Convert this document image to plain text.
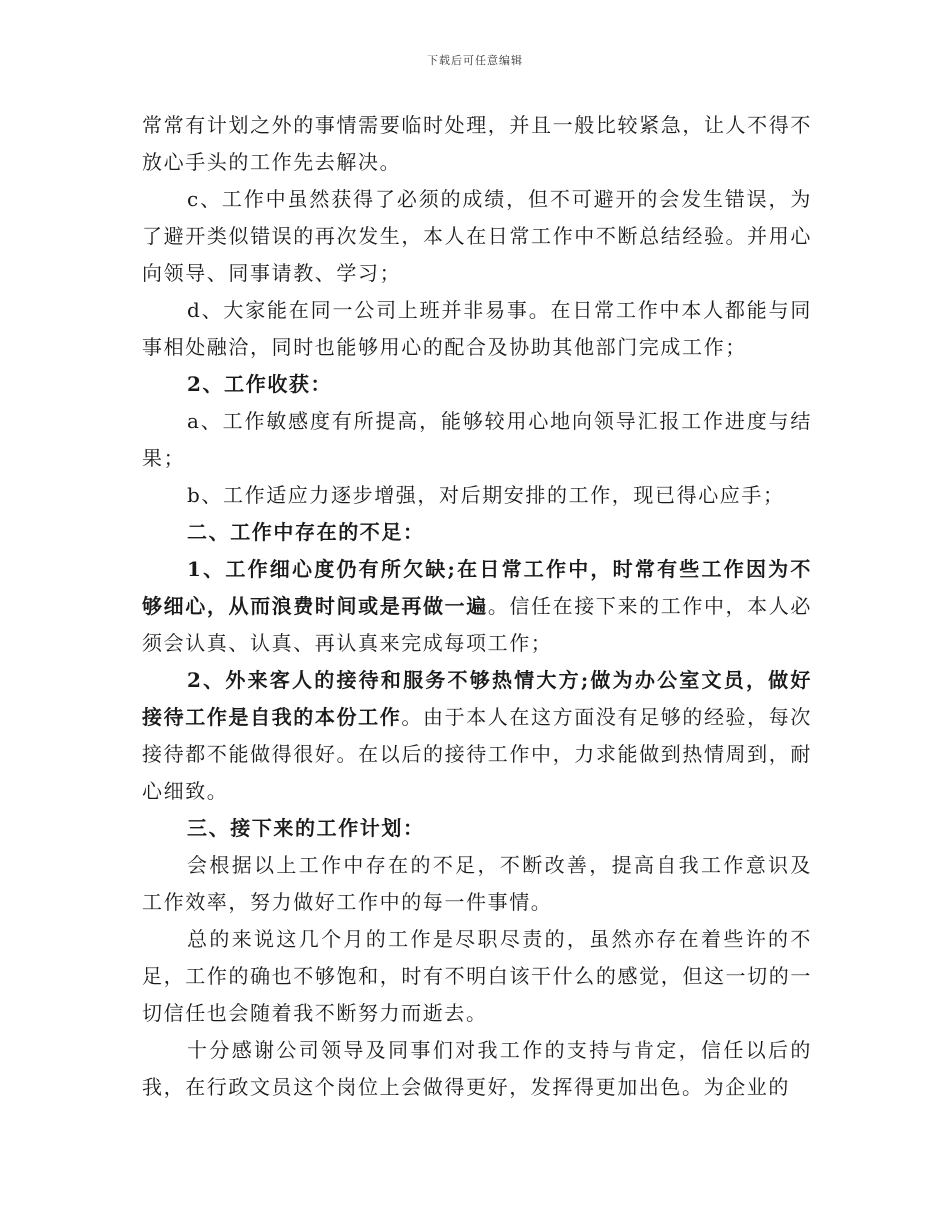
下载后可任意编辑

常常有计划之外的事情需要临时处理，并且一般比较紧急，让人不得不放心手头的工作先去解决。

c、工作中虽然获得了必须的成绩，但不可避开的会发生错误，为了避开类似错误的再次发生，本人在日常工作中不断总结经验。并用心向领导、同事请教、学习；

d、大家能在同一公司上班并非易事。在日常工作中本人都能与同事相处融洽，同时也能够用心的配合及协助其他部门完成工作；

2、工作收获：

a、工作敏感度有所提高，能够较用心地向领导汇报工作进度与结果；

b、工作适应力逐步增强，对后期安排的工作，现已得心应手；

二、工作中存在的不足：

1、工作细心度仍有所欠缺;在日常工作中，时常有些工作因为不够细心，从而浪费时间或是再做一遍。信任在接下来的工作中，本人必须会认真、认真、再认真来完成每项工作；

2、外来客人的接待和服务不够热情大方;做为办公室文员，做好接待工作是自我的本份工作。由于本人在这方面没有足够的经验，每次接待都不能做得很好。在以后的接待工作中，力求能做到热情周到，耐心细致。

三、接下来的工作计划：

会根据以上工作中存在的不足，不断改善，提高自我工作意识及工作效率，努力做好工作中的每一件事情。

总的来说这几个月的工作是尽职尽责的，虽然亦存在着些许的不足，工作的确也不够饱和，时有不明白该干什么的感觉，但这一切的一切信任也会随着我不断努力而逝去。

十分感谢公司领导及同事们对我工作的支持与肯定，信任以后的我，在行政文员这个岗位上会做得更好，发挥得更加出色。为企业的
